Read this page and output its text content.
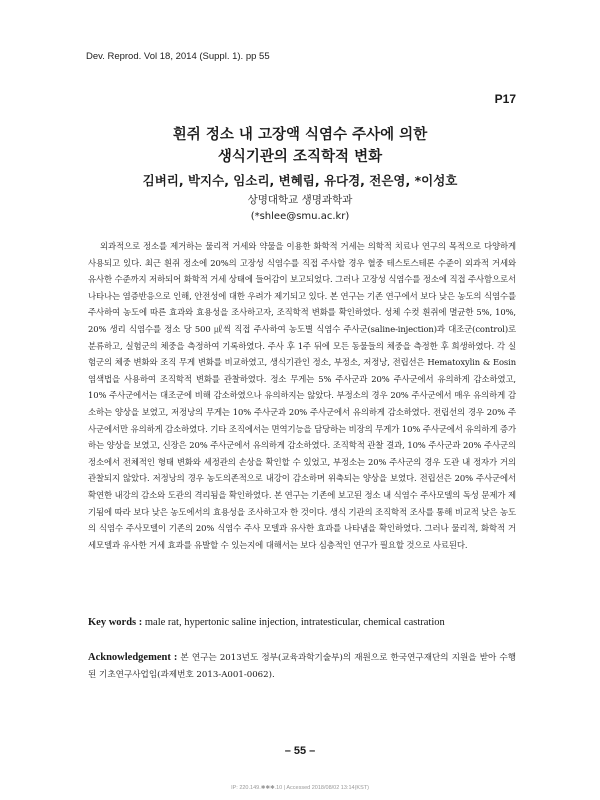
Dev. Reprod. Vol 18, 2014 (Suppl. 1). pp 55
P17
흰쥐 정소 내 고장액 식염수 주사에 의한
생식기관의 조직학적 변화
김벼리, 박지수, 임소리, 변혜림, 유다경, 전은영, *이성호
상명대학교 생명과학과
(*shlee@smu.ac.kr)

외과적으로 정소를 제거하는 물리적 거세와 약물을 이용한 화학적 거세는 의학적 치료나 연구의 목적으로 다양하게 사용되고 있다. 최근 흰쥐 정소에 20%의 고장성 식염수를 직접 주사할 경우 혈중 테스토스테론 수준이 외과적 거세와 유사한 수준까지 저하되어 화학적 거세 상태에 들어감이 보고되었다. 그러나 고장성 식염수를 정소에 직접 주사함으로서 나타나는 염증반응으로 인해, 안전성에 대한 우려가 제기되고 있다. 본 연구는 기존 연구에서 보다 낮은 농도의 식염수를 주사하여 농도에 따른 효과와 효용성을 조사하고자, 조직학적 변화를 확인하였다. 성체 수컷 흰쥐에 멸균한 5%, 10%, 20% 생리 식염수를 정소 당 500 ㎕씩 직접 주사하여 농도별 식염수 주사군(saline-injection)과 대조군(control)로 분류하고, 실험군의 체중을 측정하여 기록하였다. 주사 후 1주 뒤에 모든 동물들의 체중을 측정한 후 희생하였다. 각 실험군의 체중 변화와 조직 무게 변화를 비교하였고, 생식기관인 정소, 부정소, 저정낭, 전립선은 Hematoxylin & Eosin 염색법을 사용하여 조직학적 변화를 관찰하였다. 정소 무게는 5% 주사군과 20% 주사군에서 유의하게 감소하였고, 10% 주사군에서는 대조군에 비해 감소하였으나 유의하지는 않았다. 부정소의 경우 20% 주사군에서 매우 유의하게 감소하는 양상을 보였고, 저정낭의 무게는 10% 주사군과 20% 주사군에서 유의하게 감소하였다. 전립선의 경우 20% 주사군에서만 유의하게 감소하였다. 기타 조직에서는 면역기능을 담당하는 비장의 무게가 10% 주사군에서 유의하게 증가하는 양상을 보였고, 신장은 20% 주사군에서 유의하게 감소하였다. 조직학적 관찰 결과, 10% 주사군과 20% 주사군의 정소에서 전체적인 형태 변화와 세정관의 손상을 확인할 수 있었고, 부정소는 20% 주사군의 경우 도관 내 정자가 거의 관찰되지 않았다. 저정낭의 경우 농도의존적으로 내강이 감소하며 위축되는 양상을 보였다. 전립선은 20% 주사군에서 확연한 내강의 감소와 도관의 격리됨을 확인하였다. 본 연구는 기존에 보고된 정소 내 식염수 주사모델의 독성 문제가 제기됨에 따라 보다 낮은 농도에서의 효용성을 조사하고자 한 것이다. 생식 기관의 조직학적 조사를 통해 비교적 낮은 농도의 식염수 주사모델이 기존의 20% 식염수 주사 모델과 유사한 효과를 나타냄을 확인하였다. 그러나 물리적, 화학적 거세모델과 유사한 거세 효과를 유발할 수 있는지에 대해서는 보다 심층적인 연구가 필요할 것으로 사료된다.

Key words : male rat, hypertonic saline injection, intratesticular, chemical castration

Acknowledgement : 본 연구는 2013년도 정부(교육과학기술부)의 재원으로 한국연구재단의 지원을 받아 수행된 기초연구사업임(과제번호 2013-A001-0062).

– 55 –
IP: 220.149.✱✱✱.10 | Accessed 2018/08/02 13:14(KST)
